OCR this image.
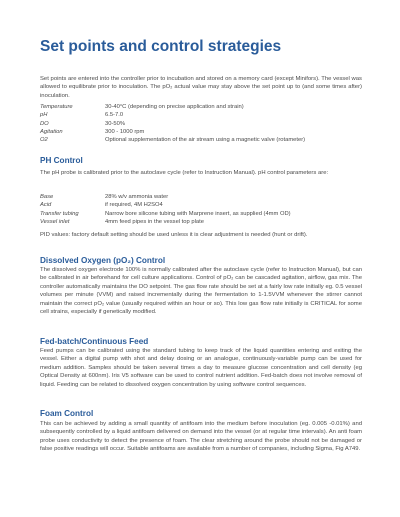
Set points and control strategies

Set points are entered into the controller prior to incubation and stored on a memory card (except Minifors). The vessel was allowed to equilibrate prior to inoculation. The pO₂ actual value may stay above the set point up to (and some times after) inoculation.

Temperature	30-40°C (depending on precise application and strain)
pH	6.5-7.0
DO	30-50%
Agitation	300 - 1000 rpm
O2	Optional supplementation of the air stream using a magnetic valve (rotameter)
PH Control

The pH probe is calibrated prior to the autoclave cycle (refer to Instruction Manual). pH control parameters are:

Base	28% w/v ammonia water
Acid	if required, 4M H2SO4
Transfer tubing	Narrow bore silicone tubing with Marprene insert, as supplied (4mm OD)
Vessel inlet	4mm feed pipes in the vessel top plate

PID values: factory default setting should be used unless it is clear adjustment is needed (hunt or drift).

Dissolved Oxygen (pO₂) Control

The dissolved oxygen electrode 100% is normally calibrated after the autoclave cycle (refer to Instruction Manual), but can be calibrated in air beforehand for cell culture applications. Control of pO₂ can be cascaded agitation, airflow, gas mix. The controller automatically maintains the DO setpoint. The gas flow rate should be set at a fairly low rate initially eg. 0.5 vessel volumes per minute (VVM) and raised incrementally during the fermentation to 1-1.5VVM whenever the stirrer cannot maintain the correct pO₂ value (usually required within an hour or so). This low gas flow rate initially is CRITICAL for some cell strains, especially if genetically modified.

Fed-batch/Continuous Feed

Feed pumps can be calibrated using the standard tubing to keep track of the liquid quantities entering and exiting the vessel. Either a digital pump with shot and delay dosing or an analogue, continuously-variable pump can be used for medium addition. Samples should be taken several times a day to measure glucose concentration and cell density (eg Optical Density at 600nm). Iris V5 software can be used to control nutrient addition. Fed-batch does not involve removal of liquid. Feeding can be related to dissolved oxygen concentration by using software control sequences.

Foam Control

This can be achieved by adding a small quantity of antifoam into the medium before inoculation (eg. 0.005 -0.01%) and subsequently controlled by a liquid antifoam delivered on demand into the vessel (or at regular time intervals). An anti foam probe uses conductivity to detect the presence of foam. The clear stretching around the probe should not be damaged or false positive readings will occur. Suitable antifoams are available from a number of companies, including Sigma, Fig A749.
